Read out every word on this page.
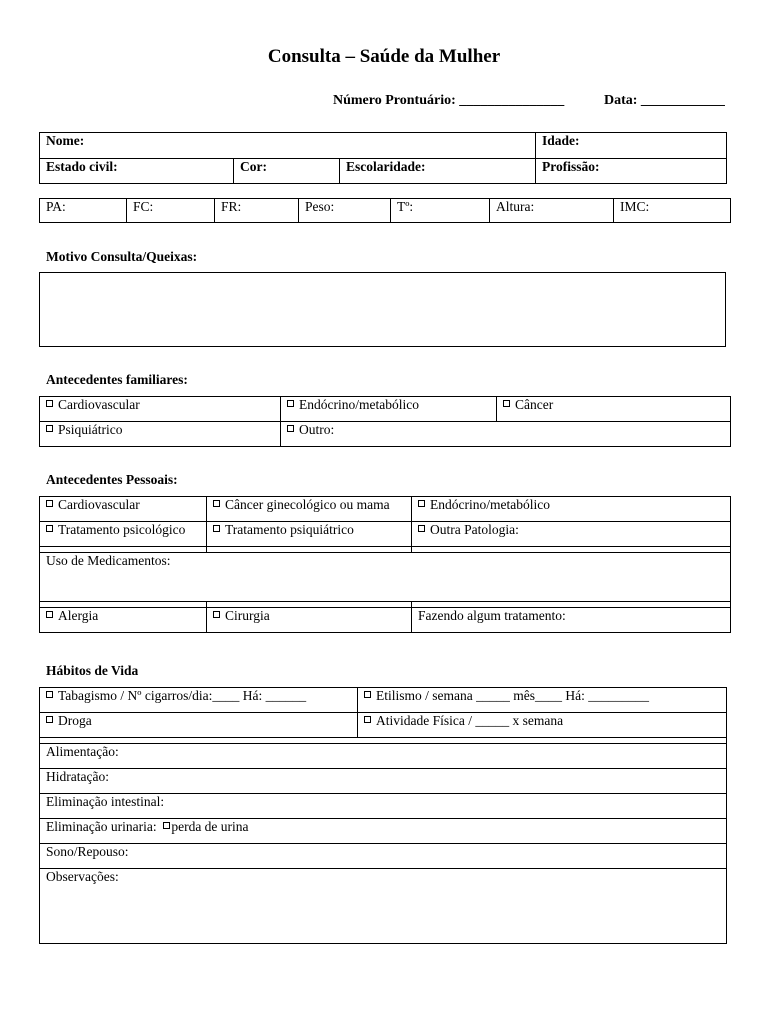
Consulta – Saúde da Mulher
Número Prontuário: _______________	Data: ____________
Nome:			Idade:
Estado civil:	Cor:	Escolaridade:	Profissão:
PA:	FC:	FR:	Peso:	Tº:	Altura:	IMC:
Motivo Consulta/Queixas:
Antecedentes familiares:
Cardiovascular	Endócrino/metabólico	Câncer
Psiquiátrico	Outro:	
Antecedentes Pessoais:
Cardiovascular	Câncer ginecológico ou mama	Endócrino/metabólico
Tratamento psicológico	Tratamento psiquiátrico	Outra Patologia:

Uso de Medicamentos:		

Alergia	Cirurgia	Fazendo algum tratamento:
Hábitos de Vida
Tabagismo / Nº cigarros/dia:____ Há: ______	Etilismo / semana _____ mês____ Há: _________
Droga	Atividade Física / _____ x semana

Alimentação:	
Hidratação:	
Eliminação intestinal:	
Eliminação urinaria: perda de urina	
Sono/Repouso:	
Observações:	
